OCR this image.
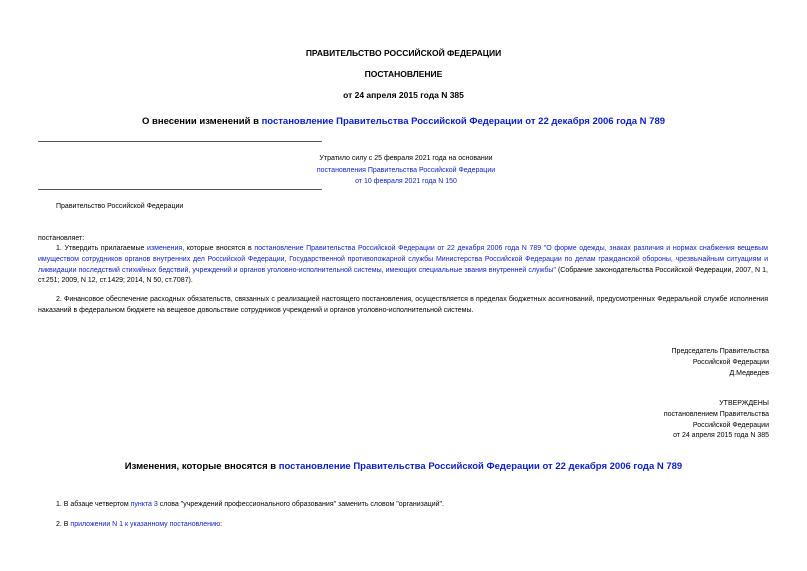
ПРАВИТЕЛЬСТВО РОССИЙСКОЙ ФЕДЕРАЦИИ
ПОСТАНОВЛЕНИЕ
от 24 апреля 2015 года N 385
О внесении изменений в постановление Правительства Российской Федерации от 22 декабря 2006 года N 789
Утратило силу с 25 февраля 2021 года на основании
постановления Правительства Российской Федерации
от 10 февраля 2021 года N 150
Правительство Российской Федерации
постановляет:
1. Утвердить прилагаемые изменения, которые вносятся в постановление Правительства Российской Федерации от 22 декабря 2006 года N 789 "О форме одежды, знаках различия и нормах снабжения вещевым имуществом сотрудников органов внутренних дел Российской Федерации, Государственной противопожарной службы Министерства Российской Федерации по делам гражданской обороны, чрезвычайным ситуациям и ликвидации последствий стихийных бедствий, учреждений и органов уголовно-исполнительной системы, имеющих специальные звания внутренней службы" (Собрание законодательства Российской Федерации, 2007, N 1, ст.251; 2009, N 12, ст.1429; 2014, N 50, ст.7087).
2. Финансовое обеспечение расходных обязательств, связанных с реализацией настоящего постановления, осуществляется в пределах бюджетных ассигнований, предусмотренных Федеральной службе исполнения наказаний в федеральном бюджете на вещевое довольствие сотрудников учреждений и органов уголовно-исполнительной системы.
Председатель Правительства
Российской Федерации
Д.Медведев
УТВЕРЖДЕНЫ
постановлением Правительства
Российской Федерации
от 24 апреля 2015 года N 385
Изменения, которые вносятся в постановление Правительства Российской Федерации от 22 декабря 2006 года N 789
1. В абзаце четвертом пункта 3 слова "учреждений профессионального образования" заменить словом "организаций".
2. В приложении N 1 к указанному постановлению:
